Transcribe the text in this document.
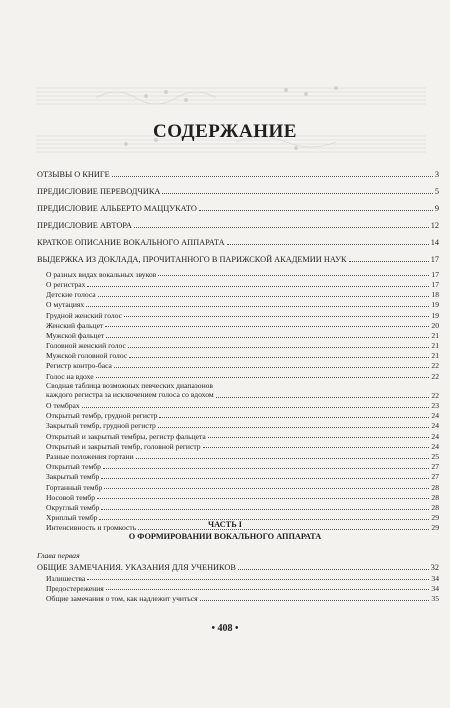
СОДЕРЖАНИЕ
ОТЗЫВЫ О КНИГЕ	3
ПРЕДИСЛОВИЕ ПЕРЕВОДЧИКА	5
ПРЕДИСЛОВИЕ АЛЬБЕРТО МАЦЦУКАТО	9
ПРЕДИСЛОВИЕ АВТОРА	12
КРАТКОЕ ОПИСАНИЕ ВОКАЛЬНОГО АППАРАТА	14
ВЫДЕРЖКА ИЗ ДОКЛАДА, ПРОЧИТАННОГО В ПАРИЖСКОЙ АКАДЕМИИ НАУК	17
О разных видах вокальных звуков	17
О регистрах	17
Детские голоса	18
О мутациях	19
Грудной женский голос	19
Женский фальцет	20
Мужской фальцет	21
Головной женский голос	21
Мужской головной голос	21
Регистр контро-баса	22
Голос на вдохе	22
Сводная таблица возможных певческих диапазонов
каждого регистра за исключением голоса со вдохом	22
О тембрах	23
Открытый тембр, грудной регистр	24
Закрытый тембр, грудной регистр	24
Открытый и закрытый тембры, регистр фальцета	24
Открытый и закрытый тембр, головной регистр	24
Разные положения гортани	25
Открытый тембр	27
Закрытый тембр	27
Гортанный тембр	28
Носовой тембр	28
Округлый тембр	28
Хриплый тембр	29
Интенсивность и громкость	29
ЧАСТЬ I
О ФОРМИРОВАНИИ ВОКАЛЬНОГО АППАРАТА
Глава первая
ОБЩИЕ ЗАМЕЧАНИЯ. УКАЗАНИЯ ДЛЯ УЧЕНИКОВ	32
Излишества	34
Предостережения	34
Общие замечания о том, как надлежит учиться	35
• 408 •
